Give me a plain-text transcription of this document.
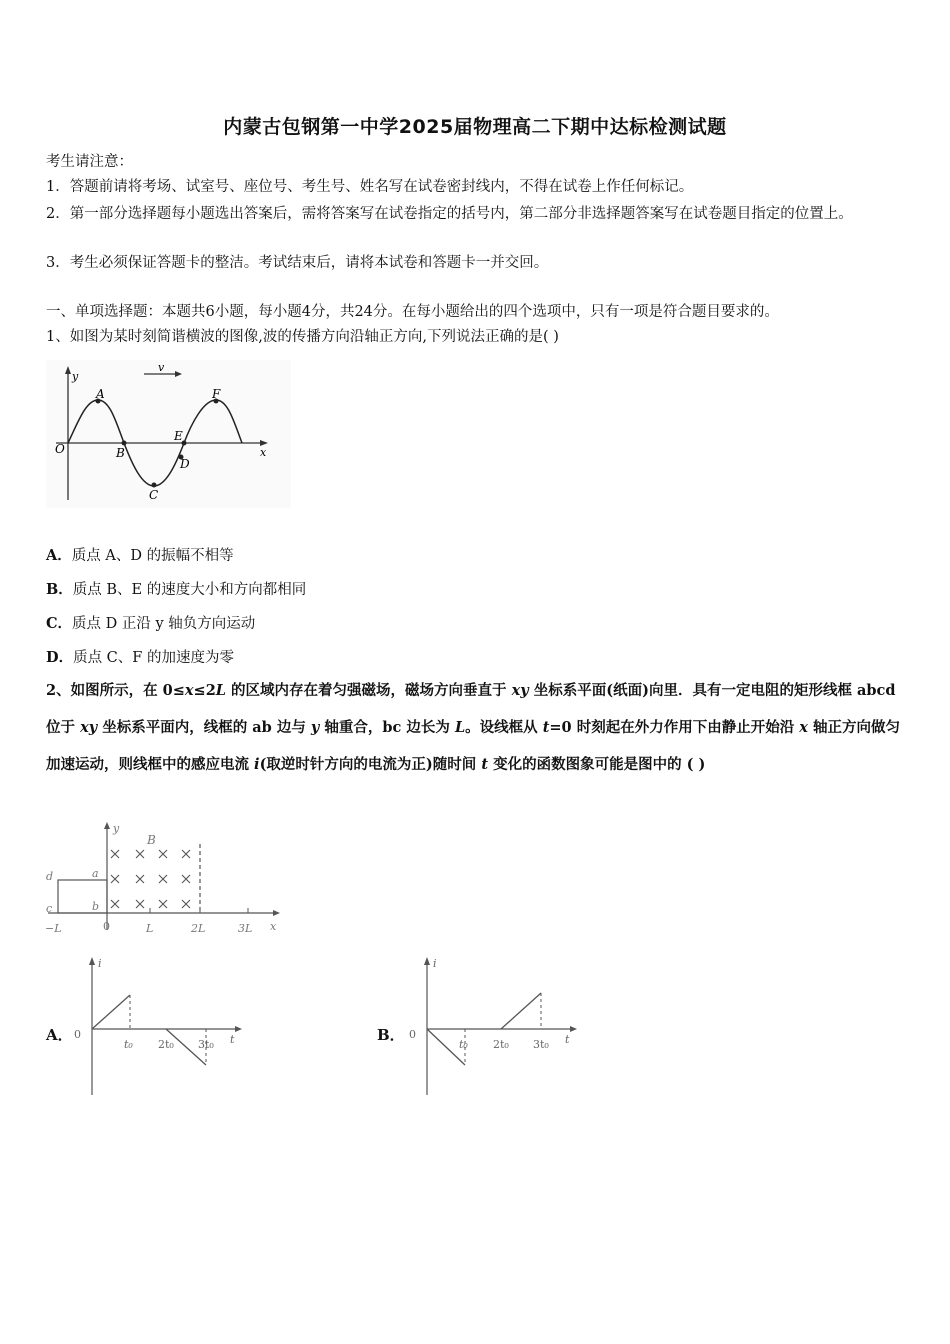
内蒙古包钢第一中学2025届物理高二下期中达标检测试题
考生请注意：
1．答题前请将考场、试室号、座位号、考生号、姓名写在试卷密封线内，不得在试卷上作任何标记。
2．第一部分选择题每小题选出答案后，需将答案写在试卷指定的括号内，第二部分非选择题答案写在试卷题目指定的位置上。
3．考生必须保证答题卡的整洁。考试结束后，请将本试卷和答题卡一并交回。
一、单项选择题：本题共6小题，每小题4分，共24分。在每小题给出的四个选项中，只有一项是符合题目要求的。
1、如图为某时刻简谐横波的图像,波的传播方向沿轴正方向,下列说法正确的是( )
y
x
v
O
A
B
C
D
E
F
A．质点 A、D 的振幅不相等
B．质点 B、E 的速度大小和方向都相同
C．质点 D 正沿 y 轴负方向运动
D．质点 C、F 的加速度为零
2、如图所示，在 0≤x≤2L 的区域内存在着匀强磁场，磁场方向垂直于 xy 坐标系平面(纸面)向里．具有一定电阻的矩形线框 abcd 位于 xy 坐标系平面内，线框的 ab 边与 y 轴重合，bc 边长为 L。设线框从 t=0 时刻起在外力作用下由静止开始沿 x 轴正方向做匀加速运动，则线框中的感应电流 i(取逆时针方向的电流为正)随时间 t 变化的函数图象可能是图中的 ( )
y
B
a
b
c
d
−L	0	L	2L	3L x
A．
i
0
t₀ 2t₀ 3t₀ t	B．
i
0
t₀ 2t₀ 3t₀ t
